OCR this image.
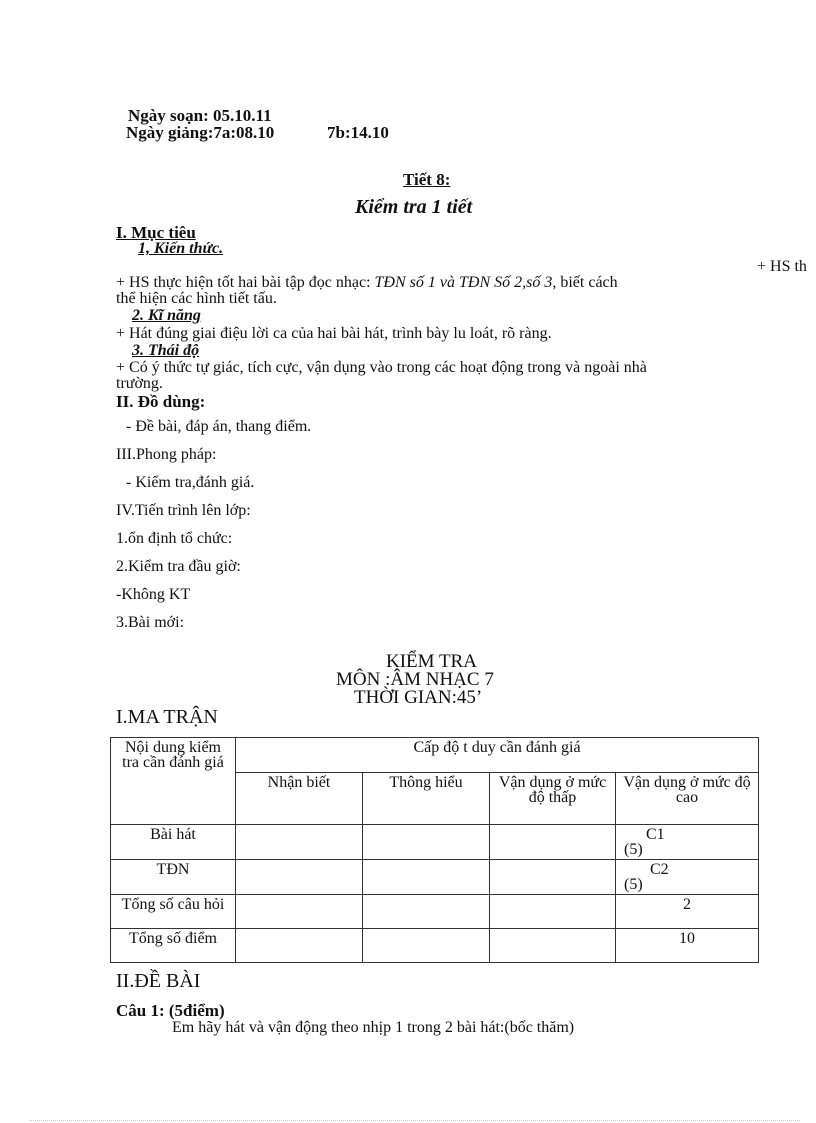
Ngày soạn: 05.10.11
Ngày giảng:7a:08.10	7b:14.10
Tiết 8:
Kiểm tra 1 tiết
I. Mục tiêu
1, Kiến thức.
+ HS th
+ HS thực hiện tốt hai bài tập đọc nhạc: TĐN số 1 và TĐN Số 2,số 3, biết cách
thể hiện các hình tiết tấu.
2. Kĩ năng
+ Hát đúng giai điệu lời ca của hai bài hát, trình bày lu loát, rõ ràng.
3. Thái độ
+ Có ý thức tự giác, tích cực, vận dụng vào trong các hoạt động trong và ngoài nhà
trường.
II. Đồ dùng:
- Đề bài, đáp án, thang điểm.
III.Phong pháp:
- Kiểm tra,đánh giá.
IV.Tiến trình lên lớp:
1.ổn định tổ chức:
2.Kiểm tra đầu giờ:
-Không KT
3.Bài mới:
KIỂM TRA
MÔN :ÂM NHẠC 7
THỜI GIAN:45’
I.MA TRẬN
Nội dung kiểm tra cần đánh giá	Cấp độ t duy cần đánh giá			
	Nhận biết	Thông hiểu	Vận dụng ở mức độ thấp	Vận dụng ở mức độ cao
Bài hát				C1
(5)

TĐN				C2
(5)

Tổng số câu hỏi				2
Tổng số điểm				10
II.ĐỀ BÀI
Câu 1: (5điểm)
Em hãy hát và vận động theo nhịp 1 trong 2 bài hát:(bốc thăm)
